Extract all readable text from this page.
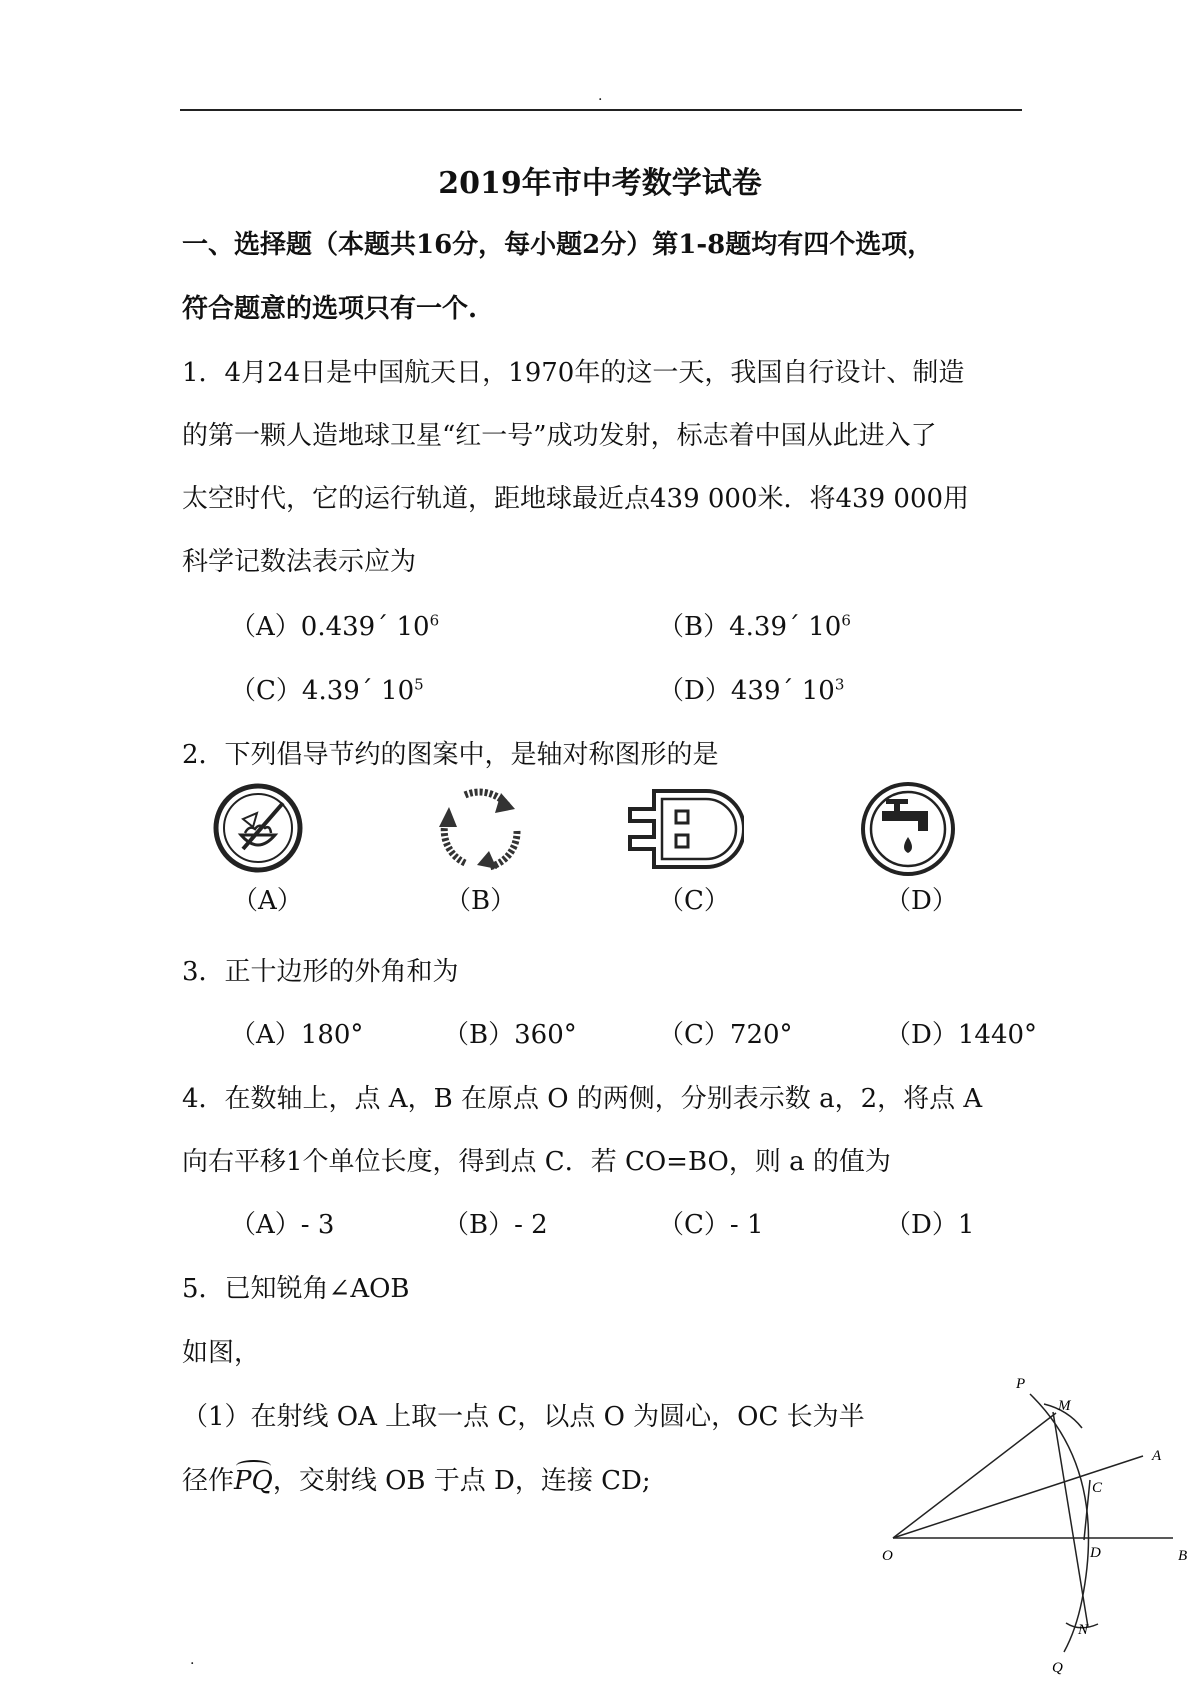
.
2019年市中考数学试卷
一、选择题（本题共16分，每小题2分）第1-8题均有四个选项，
符合题意的选项只有一个.
1．4月24日是中国航天日，1970年的这一天，我国自行设计、制造
的第一颗人造地球卫星“红一号”成功发射，标志着中国从此进入了
太空时代，它的运行轨道，距地球最近点439 000米．将439 000用
科学记数法表示应为
（A）0.439´ $10^6$	（B）4.39´ $10^6$
（C）4.39´ $10^5$	（D）439´ $10^3$
2．下列倡导节约的图案中，是轴对称图形的是
（A）	（B）	（C）	（D）
3．正十边形的外角和为
（A）180°	（B）360°	（C）720°	（D）1440°
4．在数轴上，点 A，B 在原点 O 的两侧，分别表示数 a，2，将点 A
向右平移1个单位长度，得到点 C．若 CO=BO，则 a 的值为
（A）- 3	（B）- 2	（C）- 1	（D）1
5．已知锐角∠AOB
如图，
（1）在射线 OA 上取一点 C，以点 O 为圆心，OC 长为半
径作PQ，交射线 OB 于点 D，连接 CD;
P
M
A
C
O	D	B
N
Q
.
